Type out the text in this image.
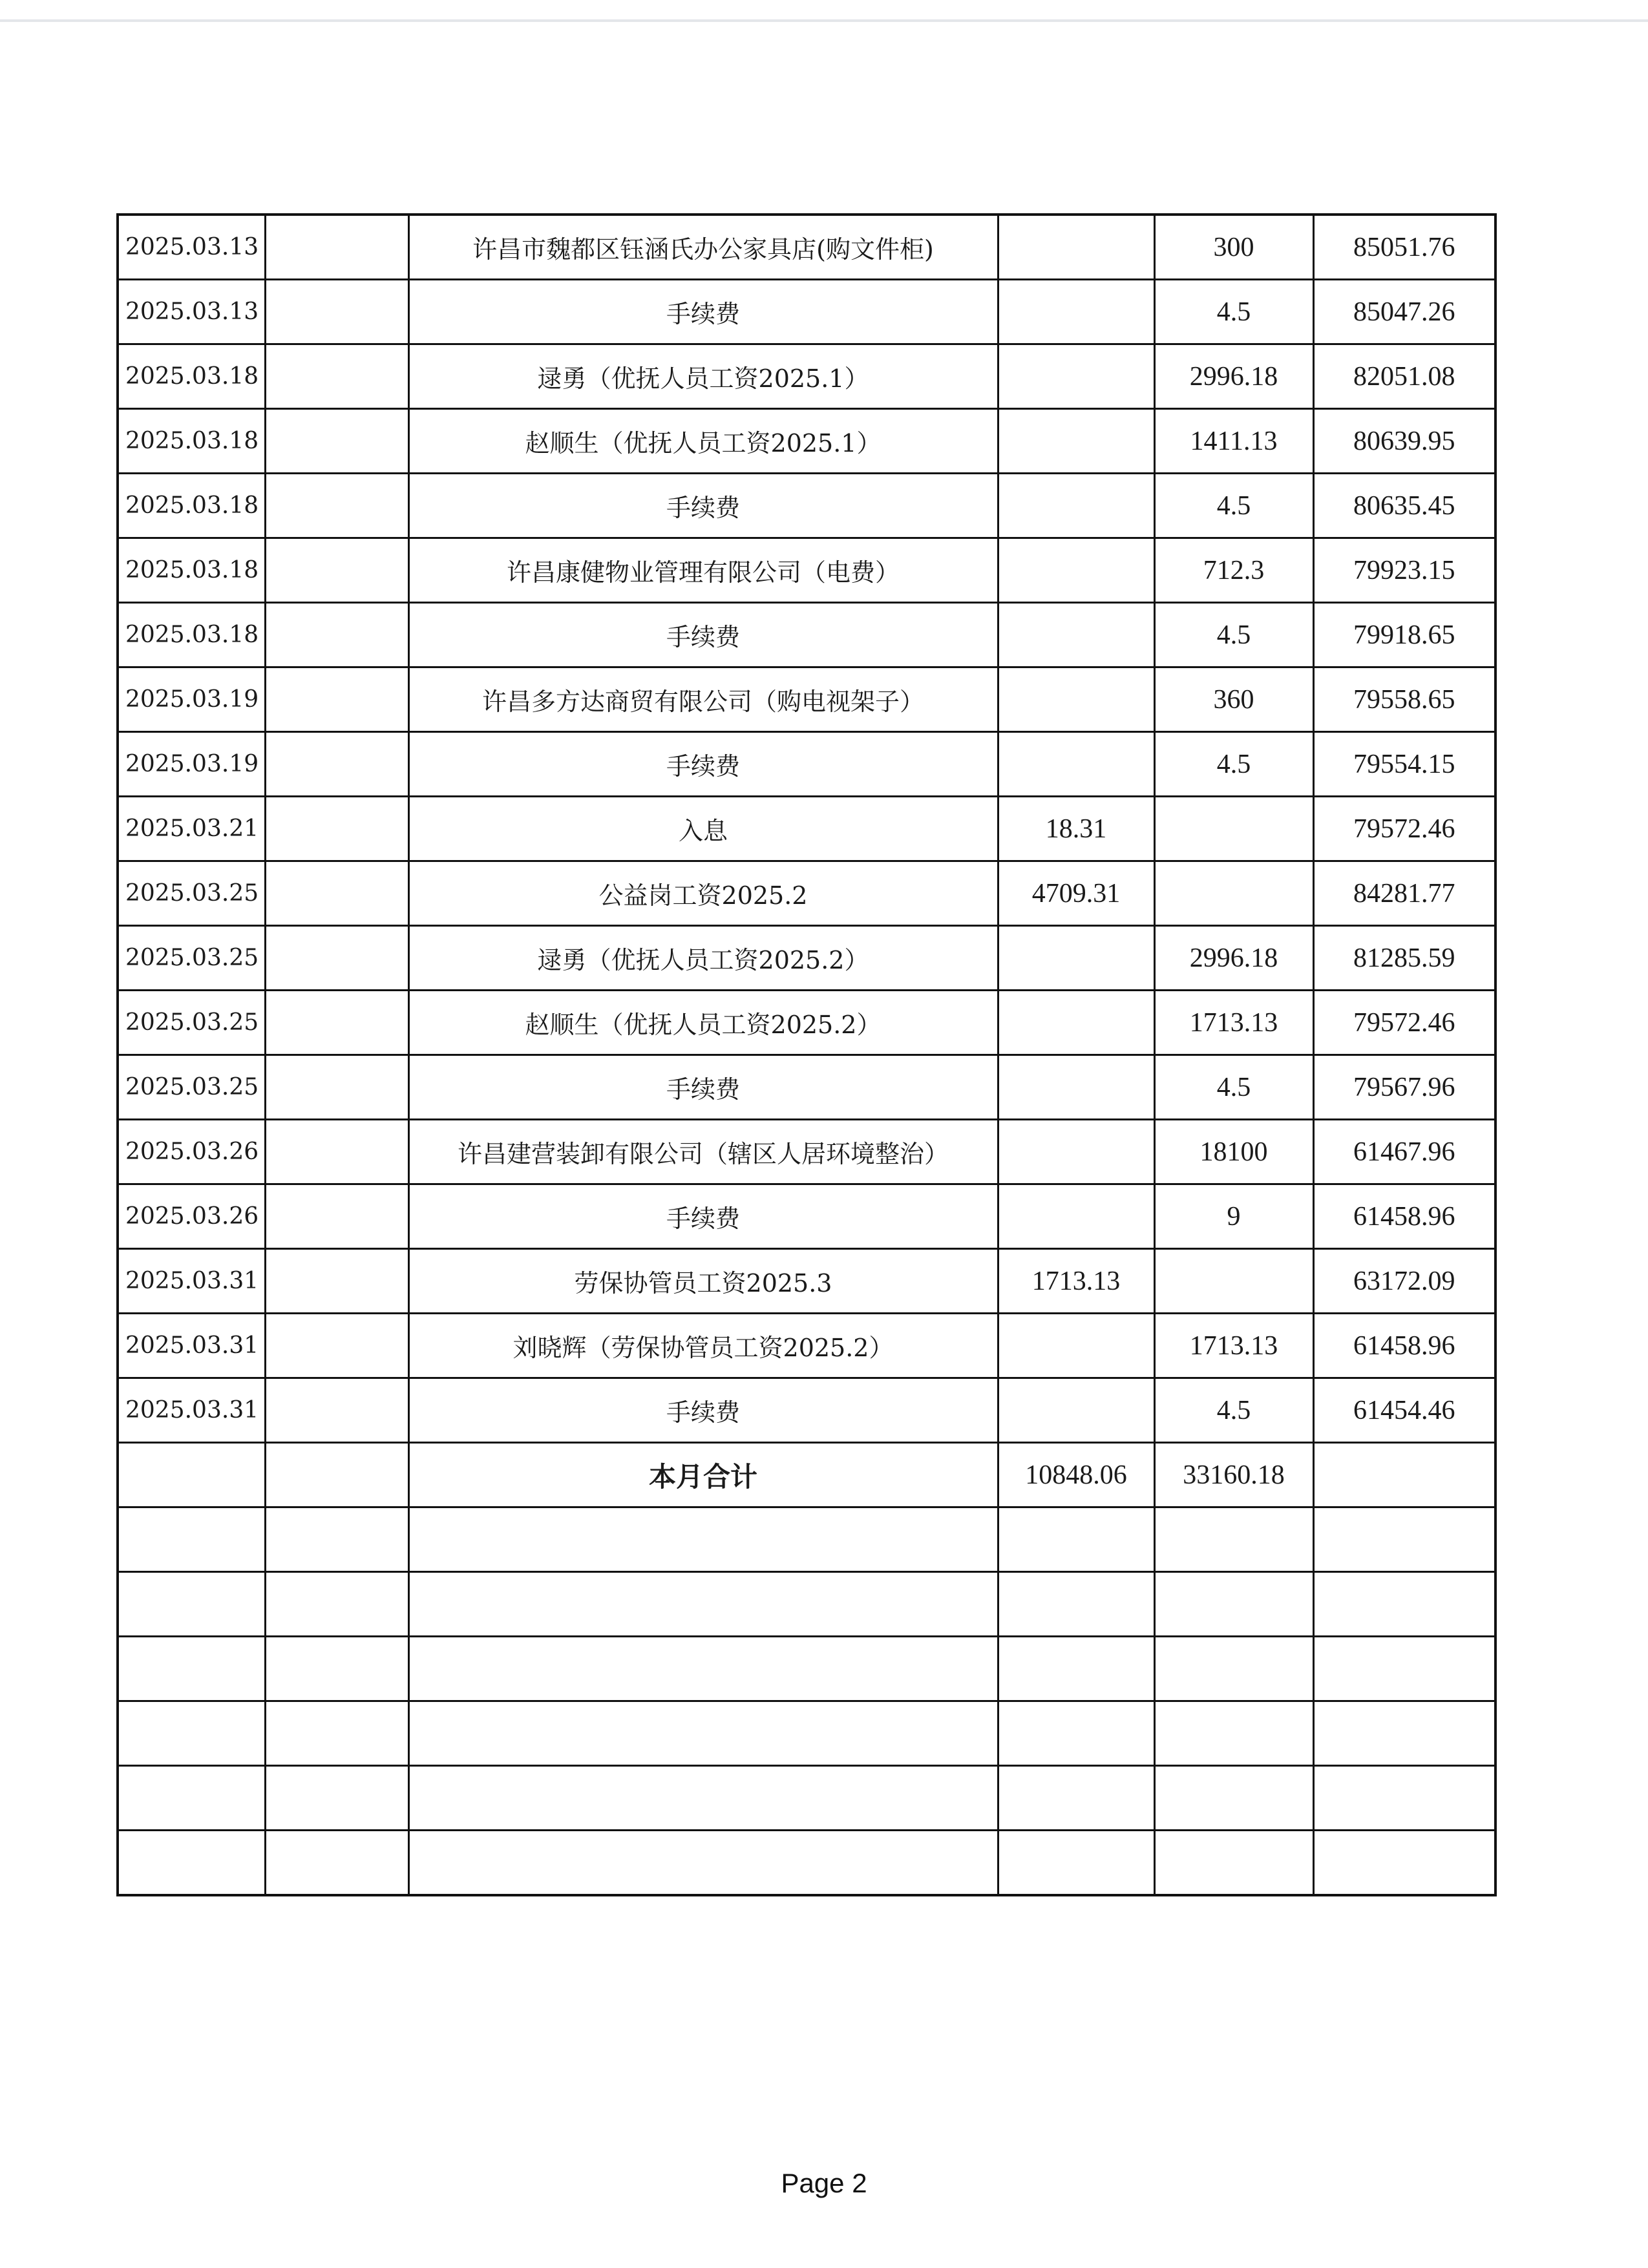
2025.03.13		许昌市魏都区钰涵氏办公家具店(购文件柜)		300	85051.76
2025.03.13		手续费		4.5	85047.26
2025.03.18		逯勇（优抚人员工资2025.1）		2996.18	82051.08
2025.03.18		赵顺生（优抚人员工资2025.1）		1411.13	80639.95
2025.03.18		手续费		4.5	80635.45
2025.03.18		许昌康健物业管理有限公司（电费）		712.3	79923.15
2025.03.18		手续费		4.5	79918.65
2025.03.19		许昌多方达商贸有限公司（购电视架子）		360	79558.65
2025.03.19		手续费		4.5	79554.15
2025.03.21		入息	18.31		79572.46
2025.03.25		公益岗工资2025.2	4709.31		84281.77
2025.03.25		逯勇（优抚人员工资2025.2）		2996.18	81285.59
2025.03.25		赵顺生（优抚人员工资2025.2）		1713.13	79572.46
2025.03.25		手续费		4.5	79567.96
2025.03.26		许昌建营装卸有限公司（辖区人居环境整治）		18100	61467.96
2025.03.26		手续费		9	61458.96
2025.03.31		劳保协管员工资2025.3	1713.13		63172.09
2025.03.31		刘晓辉（劳保协管员工资2025.2）		1713.13	61458.96
2025.03.31		手续费		4.5	61454.46
		本月合计	10848.06	33160.18	

Page 2
